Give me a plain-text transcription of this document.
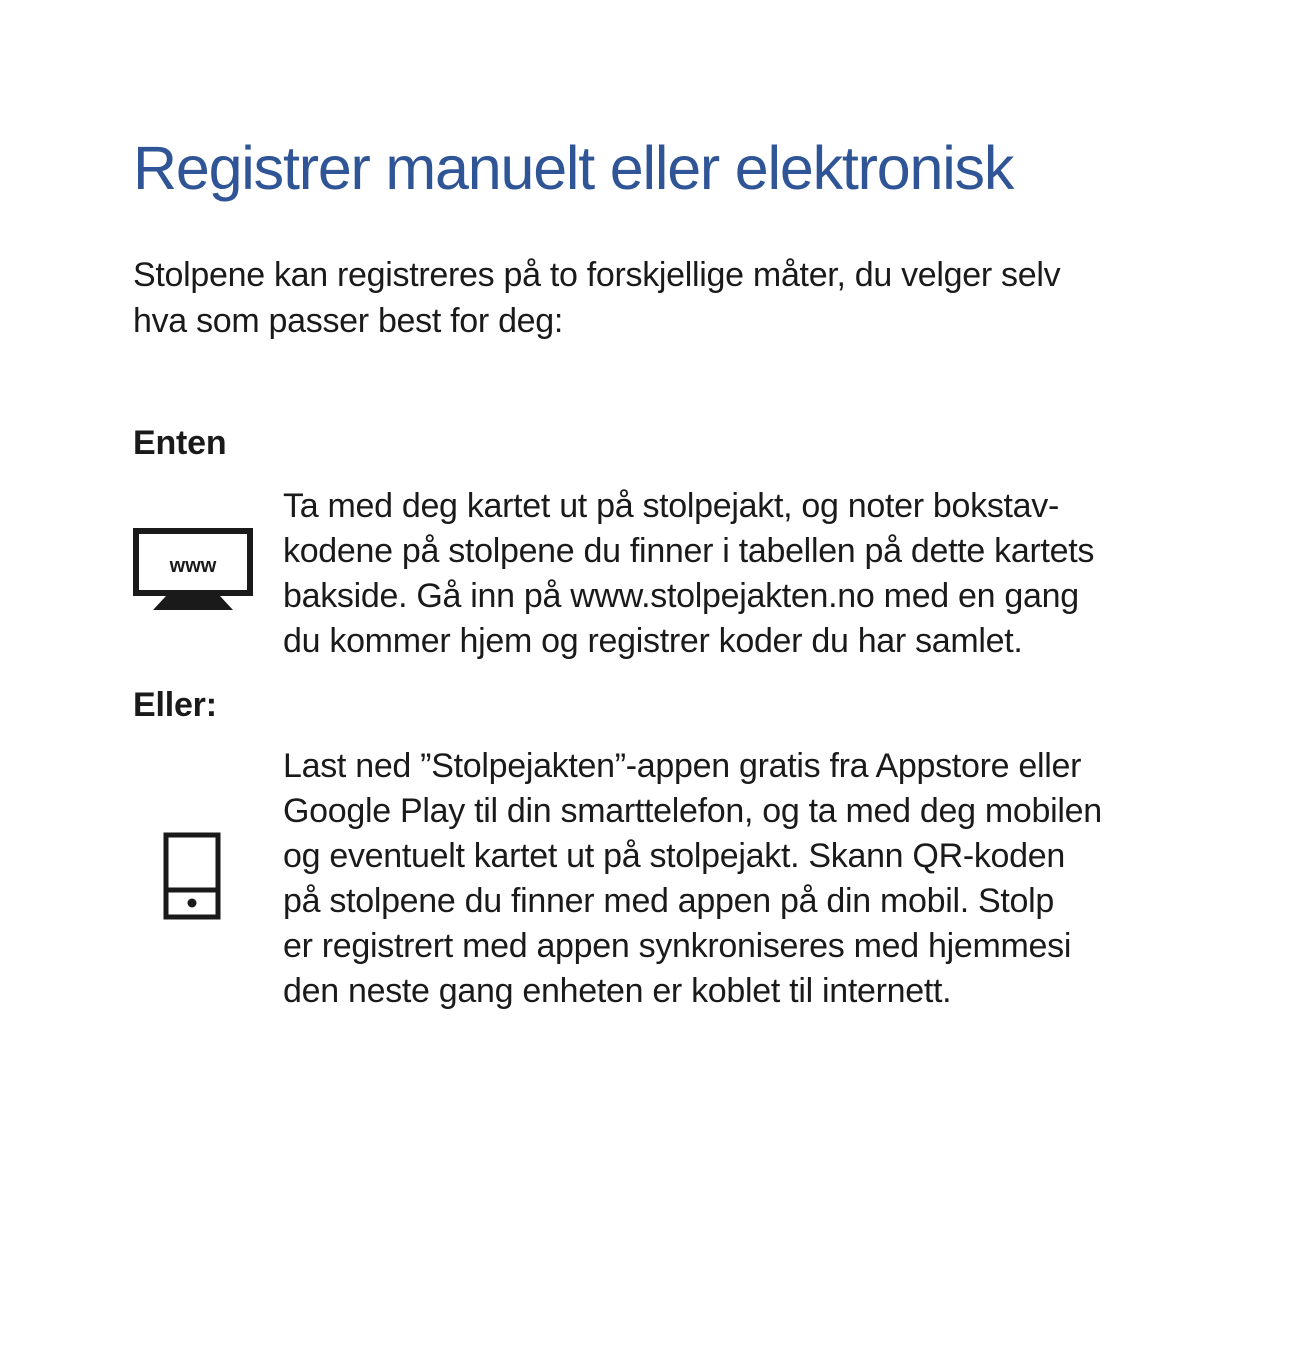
Registrer manuelt eller elektronisk

Stolpene kan registreres på to forskjellige måter, du velger selv
hva som passer best for deg:

Enten
www

Ta med deg kartet ut på stolpejakt, og noter bokstav-
kodene på stolpene du finner i tabellen på dette kartets
bakside. Gå inn på www.stolpejakten.no med en gang
du kommer hjem og registrer koder du har samlet.

Eller:

Last ned ”Stolpejakten”-appen gratis fra Appstore eller
Google Play til din smarttelefon, og ta med deg mobilen
og eventuelt kartet ut på stolpejakt. Skann QR-koden
på stolpene du finner med appen på din mobil. Stolp
er registrert med appen synkroniseres med hjemmesi
den neste gang enheten er koblet til internett.
